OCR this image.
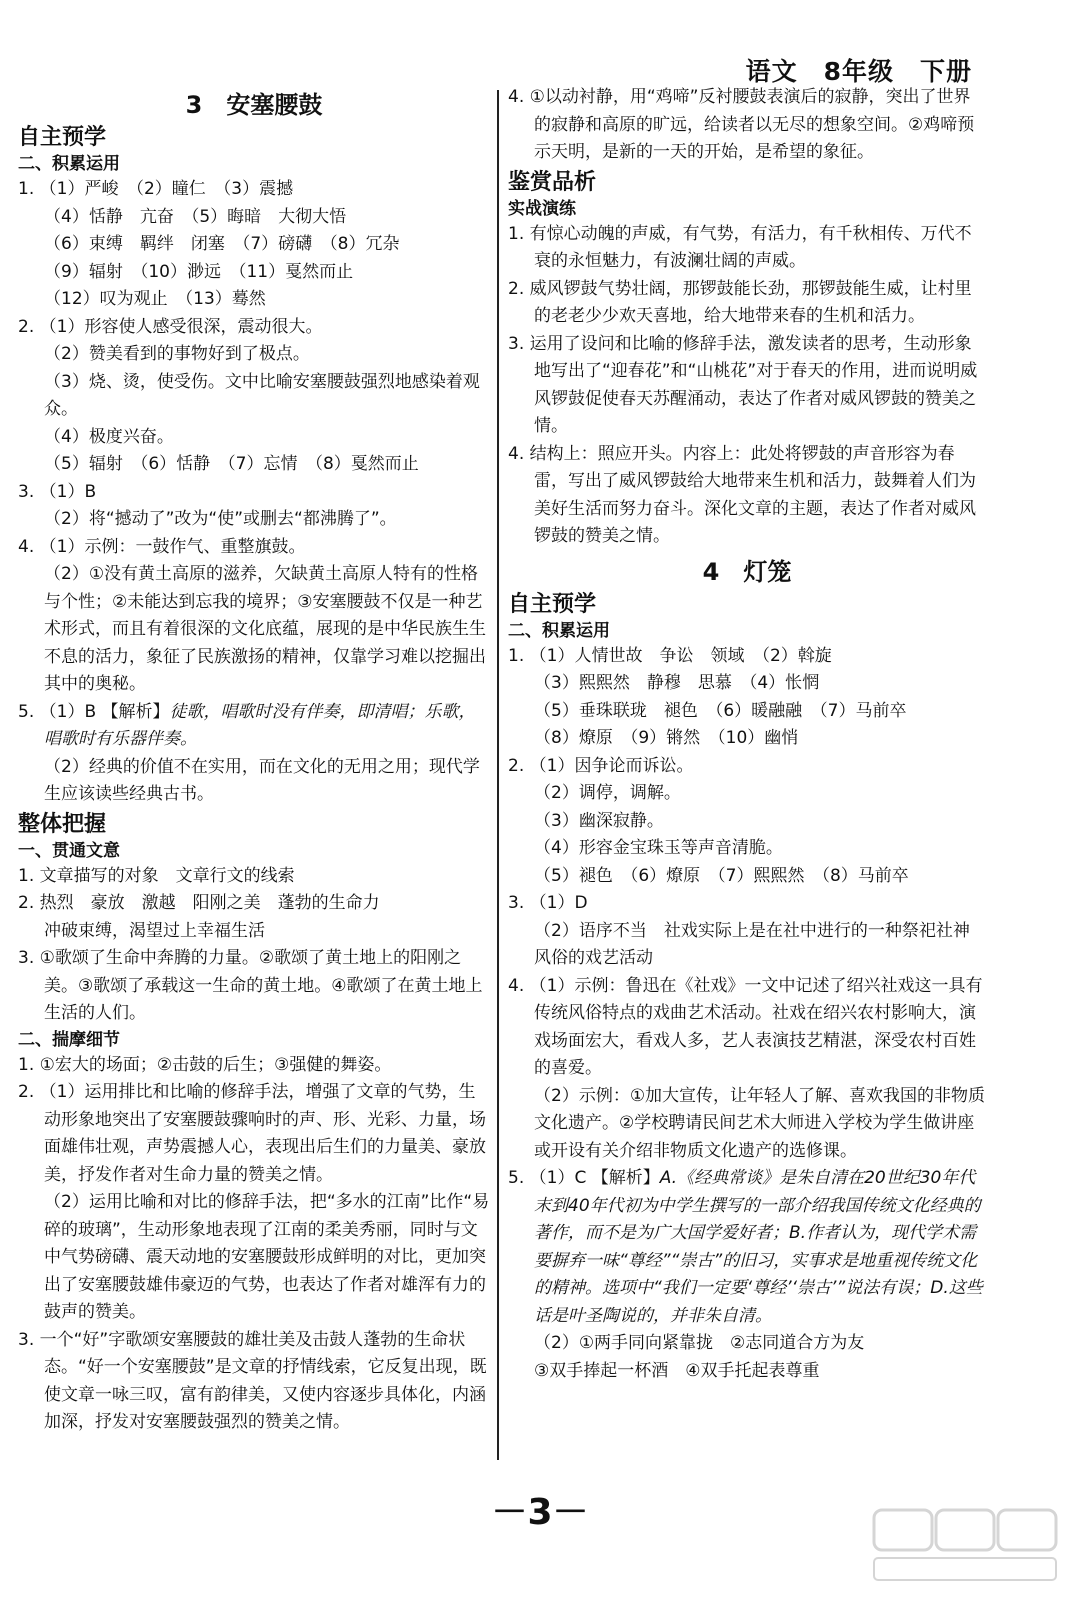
语文　8年级　下册
3　安塞腰鼓
自主预学
二、积累运用
1. （1）严峻　（2）瞳仁　（3）震撼
（4）恬静　亢奋　（5）晦暗　大彻大悟
（6）束缚　羁绊　闭塞　（7）磅礴　（8）冗杂
（9）辐射　（10）渺远　（11）戛然而止
（12）叹为观止　（13）蓦然
2. （1）形容使人感受很深，震动很大。
（2）赞美看到的事物好到了极点。
（3）烧、烫，使受伤。文中比喻安塞腰鼓强烈地感染着观众。
（4）极度兴奋。
（5）辐射　（6）恬静　（7）忘情　（8）戛然而止
3. （1）B
（2）将“撼动了”改为“使”或删去“都沸腾了”。
4. （1）示例：一鼓作气、重整旗鼓。
（2）①没有黄土高原的滋养，欠缺黄土高原人特有的性格与个性；②未能达到忘我的境界；③安塞腰鼓不仅是一种艺术形式，而且有着很深的文化底蕴，展现的是中华民族生生不息的活力，象征了民族激扬的精神，仅靠学习难以挖掘出其中的奥秘。
5. （1）B 【解析】徒歌，唱歌时没有伴奏，即清唱；乐歌，唱歌时有乐器伴奏。
（2）经典的价值不在实用，而在文化的无用之用；现代学生应该读些经典古书。
整体把握
一、贯通文意
1. 文章描写的对象　文章行文的线索
2. 热烈　豪放　激越　阳刚之美　蓬勃的生命力
冲破束缚，渴望过上幸福生活
3. ①歌颂了生命中奔腾的力量。②歌颂了黄土地上的阳刚之美。③歌颂了承载这一生命的黄土地。④歌颂了在黄土地上生活的人们。
二、揣摩细节
1. ①宏大的场面；②击鼓的后生；③强健的舞姿。
2. （1）运用排比和比喻的修辞手法，增强了文章的气势，生动形象地突出了安塞腰鼓骤响时的声、形、光彩、力量，场面雄伟壮观，声势震撼人心，表现出后生们的力量美、豪放美，抒发作者对生命力量的赞美之情。
（2）运用比喻和对比的修辞手法，把“多水的江南”比作“易碎的玻璃”，生动形象地表现了江南的柔美秀丽，同时与文中气势磅礴、震天动地的安塞腰鼓形成鲜明的对比，更加突出了安塞腰鼓雄伟豪迈的气势，也表达了作者对雄浑有力的鼓声的赞美。
3. 一个“好”字歌颂安塞腰鼓的雄壮美及击鼓人蓬勃的生命状态。“好一个安塞腰鼓”是文章的抒情线索，它反复出现，既使文章一咏三叹，富有韵律美，又使内容逐步具体化，内涵加深，抒发对安塞腰鼓强烈的赞美之情。
4. ①以动衬静，用“鸡啼”反衬腰鼓表演后的寂静，突出了世界的寂静和高原的旷远，给读者以无尽的想象空间。②鸡啼预示天明，是新的一天的开始，是希望的象征。
鉴赏品析
实战演练
1. 有惊心动魄的声威，有气势，有活力，有千秋相传、万代不衰的永恒魅力，有波澜壮阔的声威。
2. 威风锣鼓气势壮阔，那锣鼓能长劲，那锣鼓能生威，让村里的老老少少欢天喜地，给大地带来春的生机和活力。
3. 运用了设问和比喻的修辞手法，激发读者的思考，生动形象地写出了“迎春花”和“山桃花”对于春天的作用，进而说明威风锣鼓促使春天苏醒涌动，表达了作者对威风锣鼓的赞美之情。
4. 结构上：照应开头。内容上：此处将锣鼓的声音形容为春雷，写出了威风锣鼓给大地带来生机和活力，鼓舞着人们为美好生活而努力奋斗。深化文章的主题，表达了作者对威风锣鼓的赞美之情。
4　灯笼
自主预学
二、积累运用
1. （1）人情世故　争讼　领域　（2）斡旋
（3）熙熙然　静穆　思慕　（4）怅惘
（5）垂珠联珑　褪色　（6）暖融融　（7）马前卒
（8）燎原　（9）锵然　（10）幽悄
2. （1）因争论而诉讼。
（2）调停，调解。
（3）幽深寂静。
（4）形容金宝珠玉等声音清脆。
（5）褪色　（6）燎原　（7）熙熙然　（8）马前卒
3. （1）D
（2）语序不当　社戏实际上是在社中进行的一种祭祀社神风俗的戏艺活动
4. （1）示例：鲁迅在《社戏》一文中记述了绍兴社戏这一具有传统风俗特点的戏曲艺术活动。社戏在绍兴农村影响大，演戏场面宏大，看戏人多，艺人表演技艺精湛，深受农村百姓的喜爱。
（2）示例：①加大宣传，让年轻人了解、喜欢我国的非物质文化遗产。②学校聘请民间艺术大师进入学校为学生做讲座或开设有关介绍非物质文化遗产的选修课。
5. （1）C 【解析】A.《经典常谈》是朱自清在20世纪30年代末到40年代初为中学生撰写的一部介绍我国传统文化经典的著作，而不是为广大国学爱好者；B.作者认为，现代学术需要摒弃一味“尊经”“崇古”的旧习，实事求是地重视传统文化的精神。选项中“我们一定要‘尊经’‘崇古’”说法有误；D.这些话是叶圣陶说的，并非朱自清。
（2）①两手同向紧靠拢　②志同道合方为友
③双手捧起一杯酒　④双手托起表尊重
－3－
